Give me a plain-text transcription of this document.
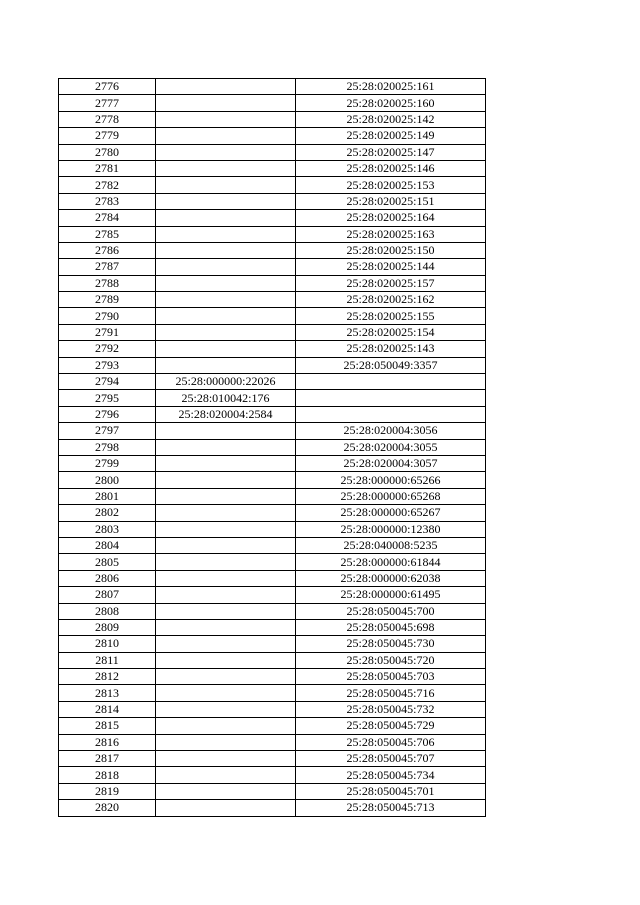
2776		25:28:020025:161
2777		25:28:020025:160
2778		25:28:020025:142
2779		25:28:020025:149
2780		25:28:020025:147
2781		25:28:020025:146
2782		25:28:020025:153
2783		25:28:020025:151
2784		25:28:020025:164
2785		25:28:020025:163
2786		25:28:020025:150
2787		25:28:020025:144
2788		25:28:020025:157
2789		25:28:020025:162
2790		25:28:020025:155
2791		25:28:020025:154
2792		25:28:020025:143
2793		25:28:050049:3357
2794	25:28:000000:22026	
2795	25:28:010042:176	
2796	25:28:020004:2584	
2797		25:28:020004:3056
2798		25:28:020004:3055
2799		25:28:020004:3057
2800		25:28:000000:65266
2801		25:28:000000:65268
2802		25:28:000000:65267
2803		25:28:000000:12380
2804		25:28:040008:5235
2805		25:28:000000:61844
2806		25:28:000000:62038
2807		25:28:000000:61495
2808		25:28:050045:700
2809		25:28:050045:698
2810		25:28:050045:730
2811		25:28:050045:720
2812		25:28:050045:703
2813		25:28:050045:716
2814		25:28:050045:732
2815		25:28:050045:729
2816		25:28:050045:706
2817		25:28:050045:707
2818		25:28:050045:734
2819		25:28:050045:701
2820		25:28:050045:713
